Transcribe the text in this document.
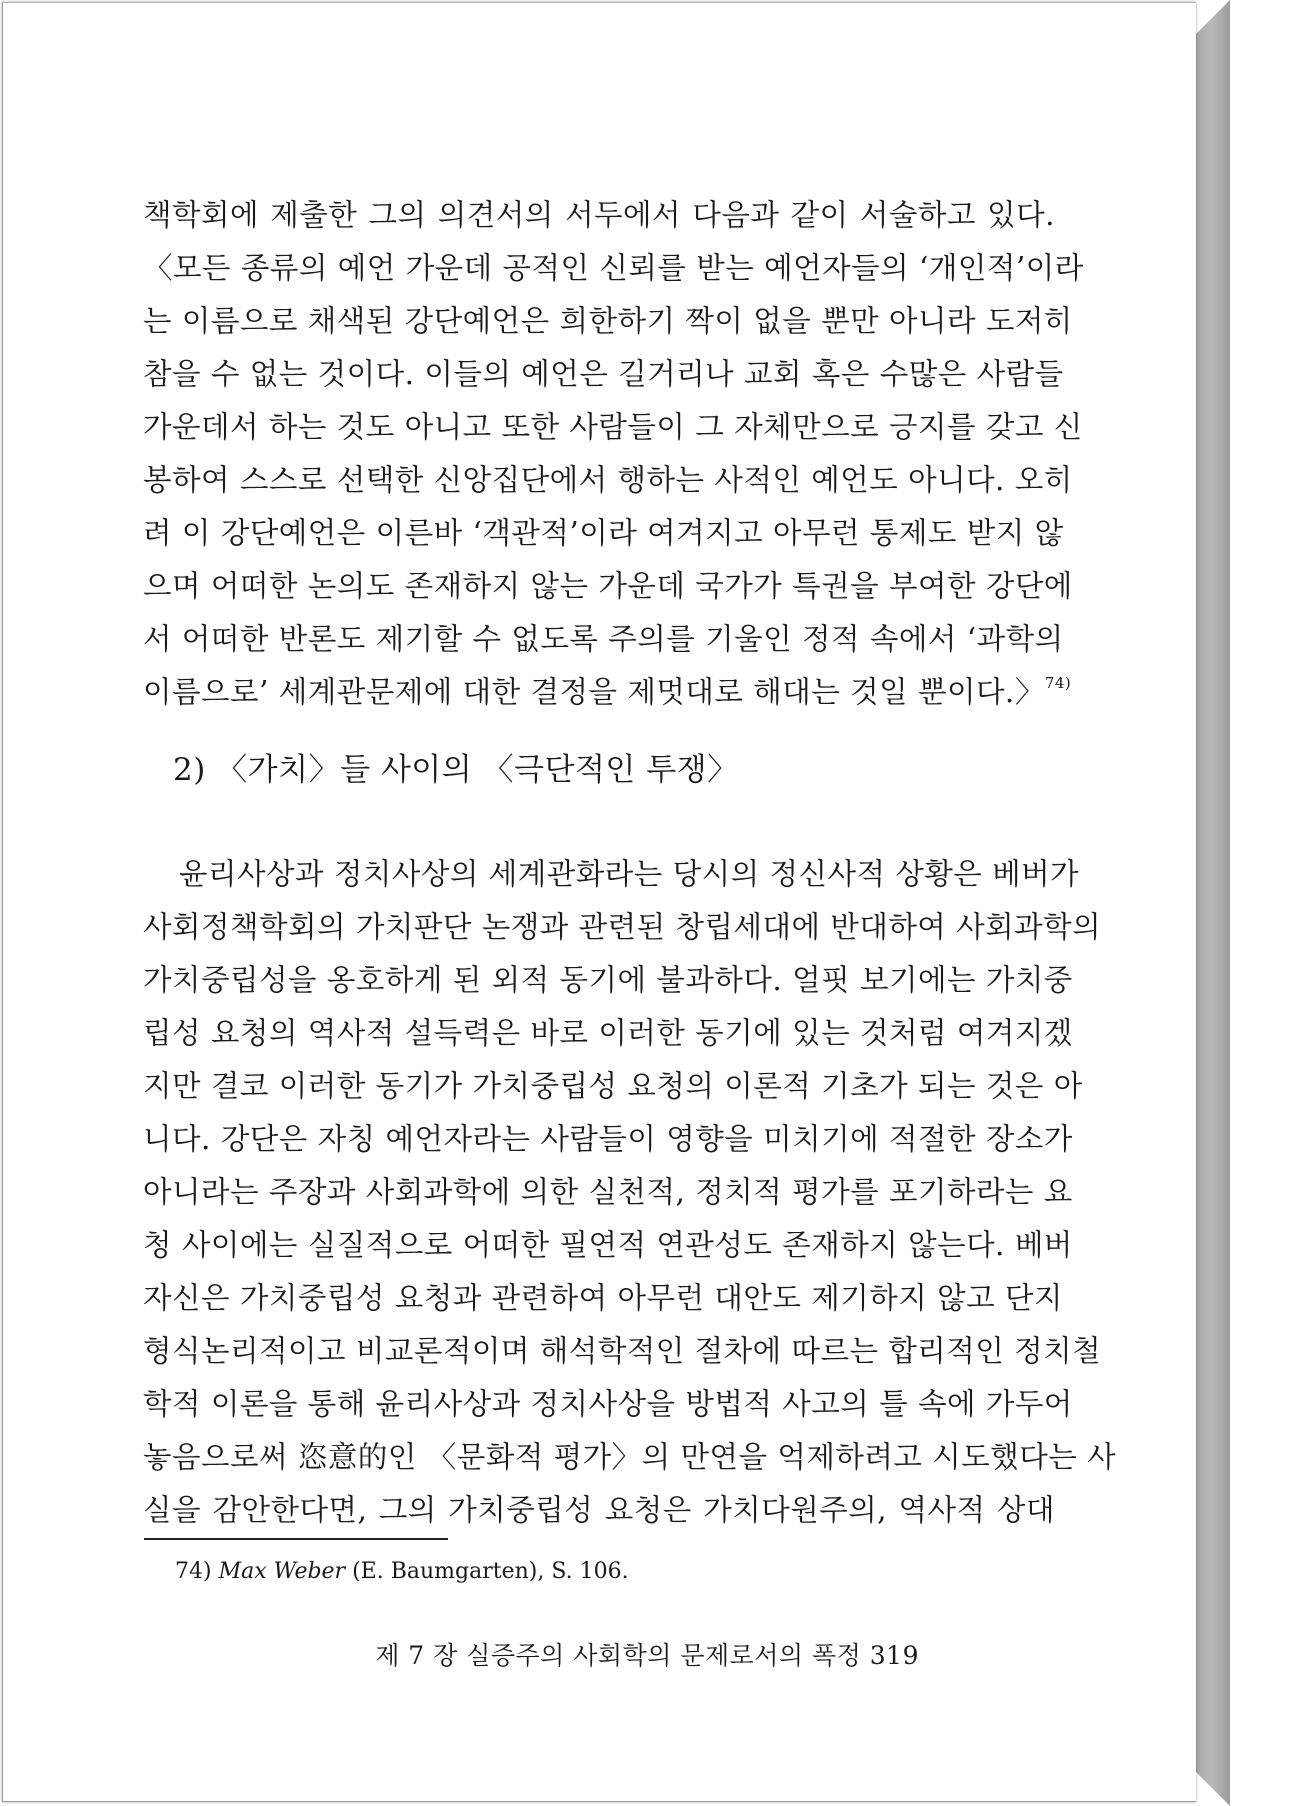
책학회에 제출한 그의 의견서의 서두에서 다음과 같이 서술하고 있다.
〈모든 종류의 예언 가운데 공적인 신뢰를 받는 예언자들의 ‘개인적’이라
는 이름으로 채색된 강단예언은 희한하기 짝이 없을 뿐만 아니라 도저히
참을 수 없는 것이다. 이들의 예언은 길거리나 교회 혹은 수많은 사람들
가운데서 하는 것도 아니고 또한 사람들이 그 자체만으로 긍지를 갖고 신
봉하여 스스로 선택한 신앙집단에서 행하는 사적인 예언도 아니다. 오히
려 이 강단예언은 이른바 ‘객관적’이라 여겨지고 아무런 통제도 받지 않
으며 어떠한 논의도 존재하지 않는 가운데 국가가 특권을 부여한 강단에
서 어떠한 반론도 제기할 수 없도록 주의를 기울인 정적 속에서 ‘과학의
이름으로’ 세계관문제에 대한 결정을 제멋대로 해대는 것일 뿐이다.〉$^{74)}$
2) 〈가치〉들 사이의 〈극단적인 투쟁〉
윤리사상과 정치사상의 세계관화라는 당시의 정신사적 상황은 베버가
사회정책학회의 가치판단 논쟁과 관련된 창립세대에 반대하여 사회과학의
가치중립성을 옹호하게 된 외적 동기에 불과하다. 얼핏 보기에는 가치중
립성 요청의 역사적 설득력은 바로 이러한 동기에 있는 것처럼 여겨지겠
지만 결코 이러한 동기가 가치중립성 요청의 이론적 기초가 되는 것은 아
니다. 강단은 자칭 예언자라는 사람들이 영향을 미치기에 적절한 장소가
아니라는 주장과 사회과학에 의한 실천적, 정치적 평가를 포기하라는 요
청 사이에는 실질적으로 어떠한 필연적 연관성도 존재하지 않는다. 베버
자신은 가치중립성 요청과 관련하여 아무런 대안도 제기하지 않고 단지
형식논리적이고 비교론적이며 해석학적인 절차에 따르는 합리적인 정치철
학적 이론을 통해 윤리사상과 정치사상을 방법적 사고의 틀 속에 가두어
놓음으로써 恣意的인 〈문화적 평가〉의 만연을 억제하려고 시도했다는 사
실을 감안한다면, 그의 가치중립성 요청은 가치다원주의, 역사적 상대
74) Max Weber (E. Baumgarten), S. 106.
제 7 장 실증주의 사회학의 문제로서의 폭정 319
